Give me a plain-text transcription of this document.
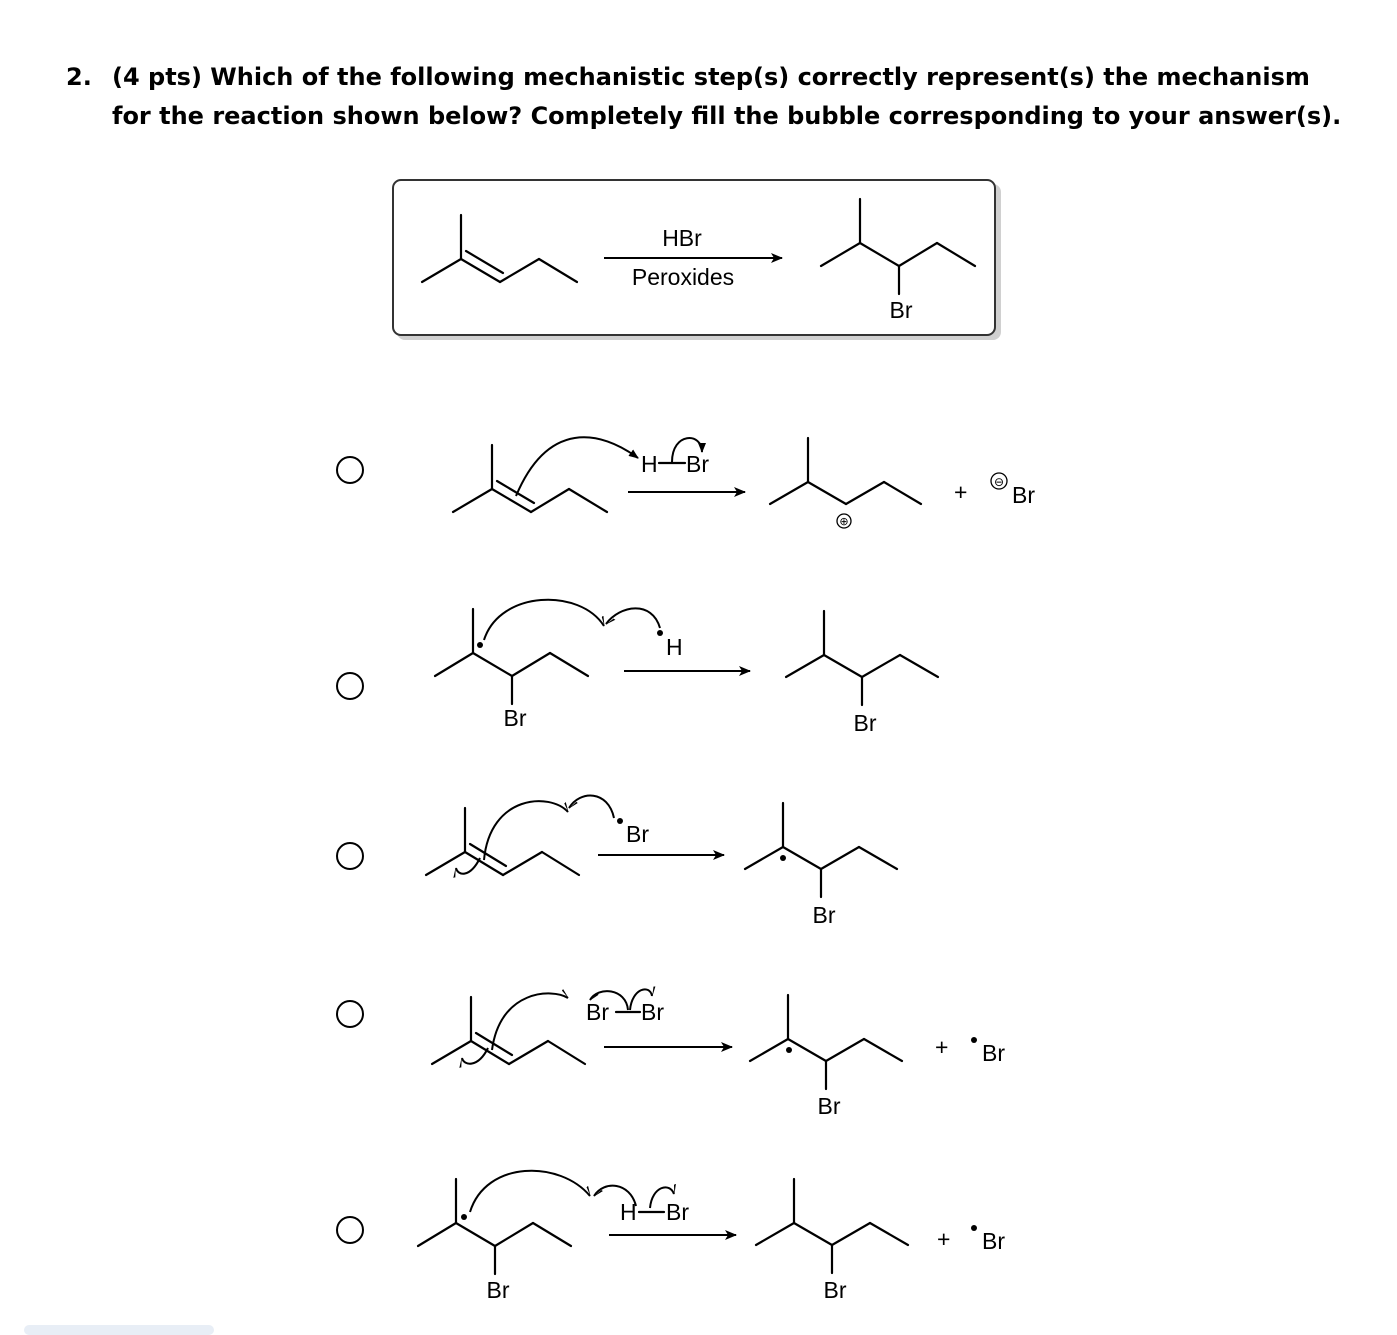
2. (4 pts) Which of the following mechanistic step(s) correctly represent(s) the mechanism for the reaction shown below? Completely fill the bubble corresponding to your answer(s).
HBr
Peroxides
Br
H Br
⊕
+ ⊖ Br
Br
H
Br
Br
Br
Br Br
Br
+ Br
Br
H Br
Br
+ Br
